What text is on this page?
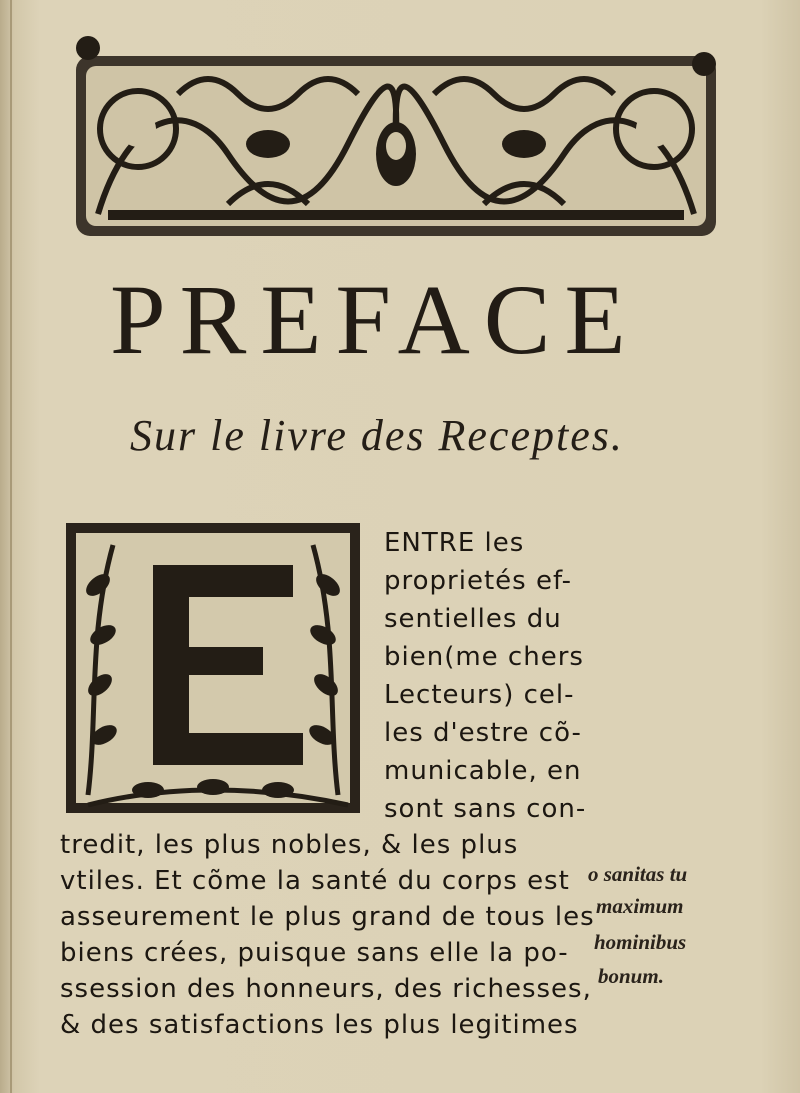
PREFACE
Sur le livre des Receptes.
ENTRE les
proprietés ef-
sentielles du
bien(me chers
Lecteurs) cel-
les d'estre cõ-
municable, en
sont sans con-
tredit, les plus nobles, & les plus
vtiles. Et cõme la santé du corps est
asseurement le plus grand de tous les
biens crées, puisque sans elle la po-
ssession des honneurs, des richesses,
& des satisfactions les plus legitimes
o sanitas tu
maximum
hominibus
bonum.
